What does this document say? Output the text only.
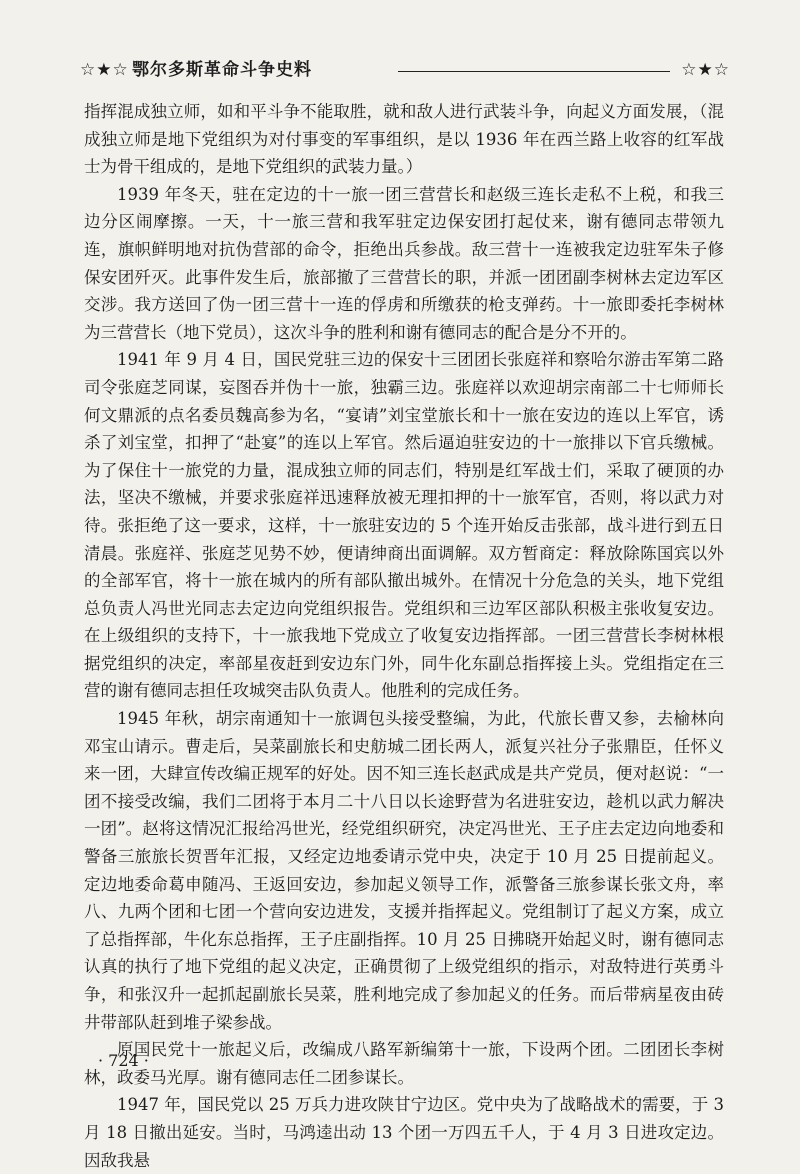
☆★☆ 鄂尔多斯革命斗争史料	☆★☆

指挥混成独立师，如和平斗争不能取胜，就和敌人进行武装斗争，向起义方面发展，（混成独立师是地下党组织为对付事变的军事组织，是以 1936 年在西兰路上收容的红军战士为骨干组成的，是地下党组织的武装力量。）

1939 年冬天，驻在定边的十一旅一团三营营长和赵级三连长走私不上税，和我三边分区闹摩擦。一天，十一旅三营和我军驻定边保安团打起仗来，谢有德同志带领九连，旗帜鲜明地对抗伪营部的命令，拒绝出兵参战。敌三营十一连被我定边驻军朱子修保安团歼灭。此事件发生后，旅部撤了三营营长的职，并派一团团副李树林去定边军区交涉。我方送回了伪一团三营十一连的俘虏和所缴获的枪支弹药。十一旅即委托李树林为三营营长（地下党员），这次斗争的胜利和谢有德同志的配合是分不开的。

1941 年 9 月 4 日，国民党驻三边的保安十三团团长张庭祥和察哈尔游击军第二路司令张庭芝同谋，妄图吞并伪十一旅，独霸三边。张庭祥以欢迎胡宗南部二十七师师长何文鼎派的点名委员魏高参为名，“宴请”刘宝堂旅长和十一旅在安边的连以上军官，诱杀了刘宝堂，扣押了“赴宴”的连以上军官。然后逼迫驻安边的十一旅排以下官兵缴械。为了保住十一旅党的力量，混成独立师的同志们，特别是红军战士们，采取了硬顶的办法，坚决不缴械，并要求张庭祥迅速释放被无理扣押的十一旅军官，否则，将以武力对待。张拒绝了这一要求，这样，十一旅驻安边的 5 个连开始反击张部，战斗进行到五日清晨。张庭祥、张庭芝见势不妙，便请绅商出面调解。双方暂商定：释放除陈国宾以外的全部军官，将十一旅在城内的所有部队撤出城外。在情况十分危急的关头，地下党组总负责人冯世光同志去定边向党组织报告。党组织和三边军区部队积极主张收复安边。在上级组织的支持下，十一旅我地下党成立了收复安边指挥部。一团三营营长李树林根据党组织的决定，率部星夜赶到安边东门外，同牛化东副总指挥接上头。党组指定在三营的谢有德同志担任攻城突击队负责人。他胜利的完成任务。

1945 年秋，胡宗南通知十一旅调包头接受整编，为此，代旅长曹又参，去榆林向邓宝山请示。曹走后，吴菜副旅长和史舫城二团长两人，派复兴社分子张鼎臣，任怀义来一团，大肆宣传改编正规军的好处。因不知三连长赵武成是共产党员，便对赵说：“一团不接受改编，我们二团将于本月二十八日以长途野营为名进驻安边，趁机以武力解决一团”。赵将这情况汇报给冯世光，经党组织研究，决定冯世光、王子庄去定边向地委和警备三旅旅长贺晋年汇报，又经定边地委请示党中央，决定于 10 月 25 日提前起义。定边地委命葛申随冯、王返回安边，参加起义领导工作，派警备三旅参谋长张文舟，率八、九两个团和七团一个营向安边进发，支援并指挥起义。党组制订了起义方案，成立了总指挥部，牛化东总指挥，王子庄副指挥。10 月 25 日拂晓开始起义时，谢有德同志认真的执行了地下党组的起义决定，正确贯彻了上级党组织的指示，对敌特进行英勇斗争，和张汉升一起抓起副旅长吴菜，胜利地完成了参加起义的任务。而后带病星夜由砖井带部队赶到堆子梁参战。

原国民党十一旅起义后，改编成八路军新编第十一旅，下设两个团。二团团长李树林，政委马光厚。谢有德同志任二团参谋长。

1947 年，国民党以 25 万兵力进攻陕甘宁边区。党中央为了战略战术的需要，于 3 月 18 日撤出延安。当时，马鸿逵出动 13 个团一万四五千人，于 4 月 3 日进攻定边。因敌我悬

· 724 ·
